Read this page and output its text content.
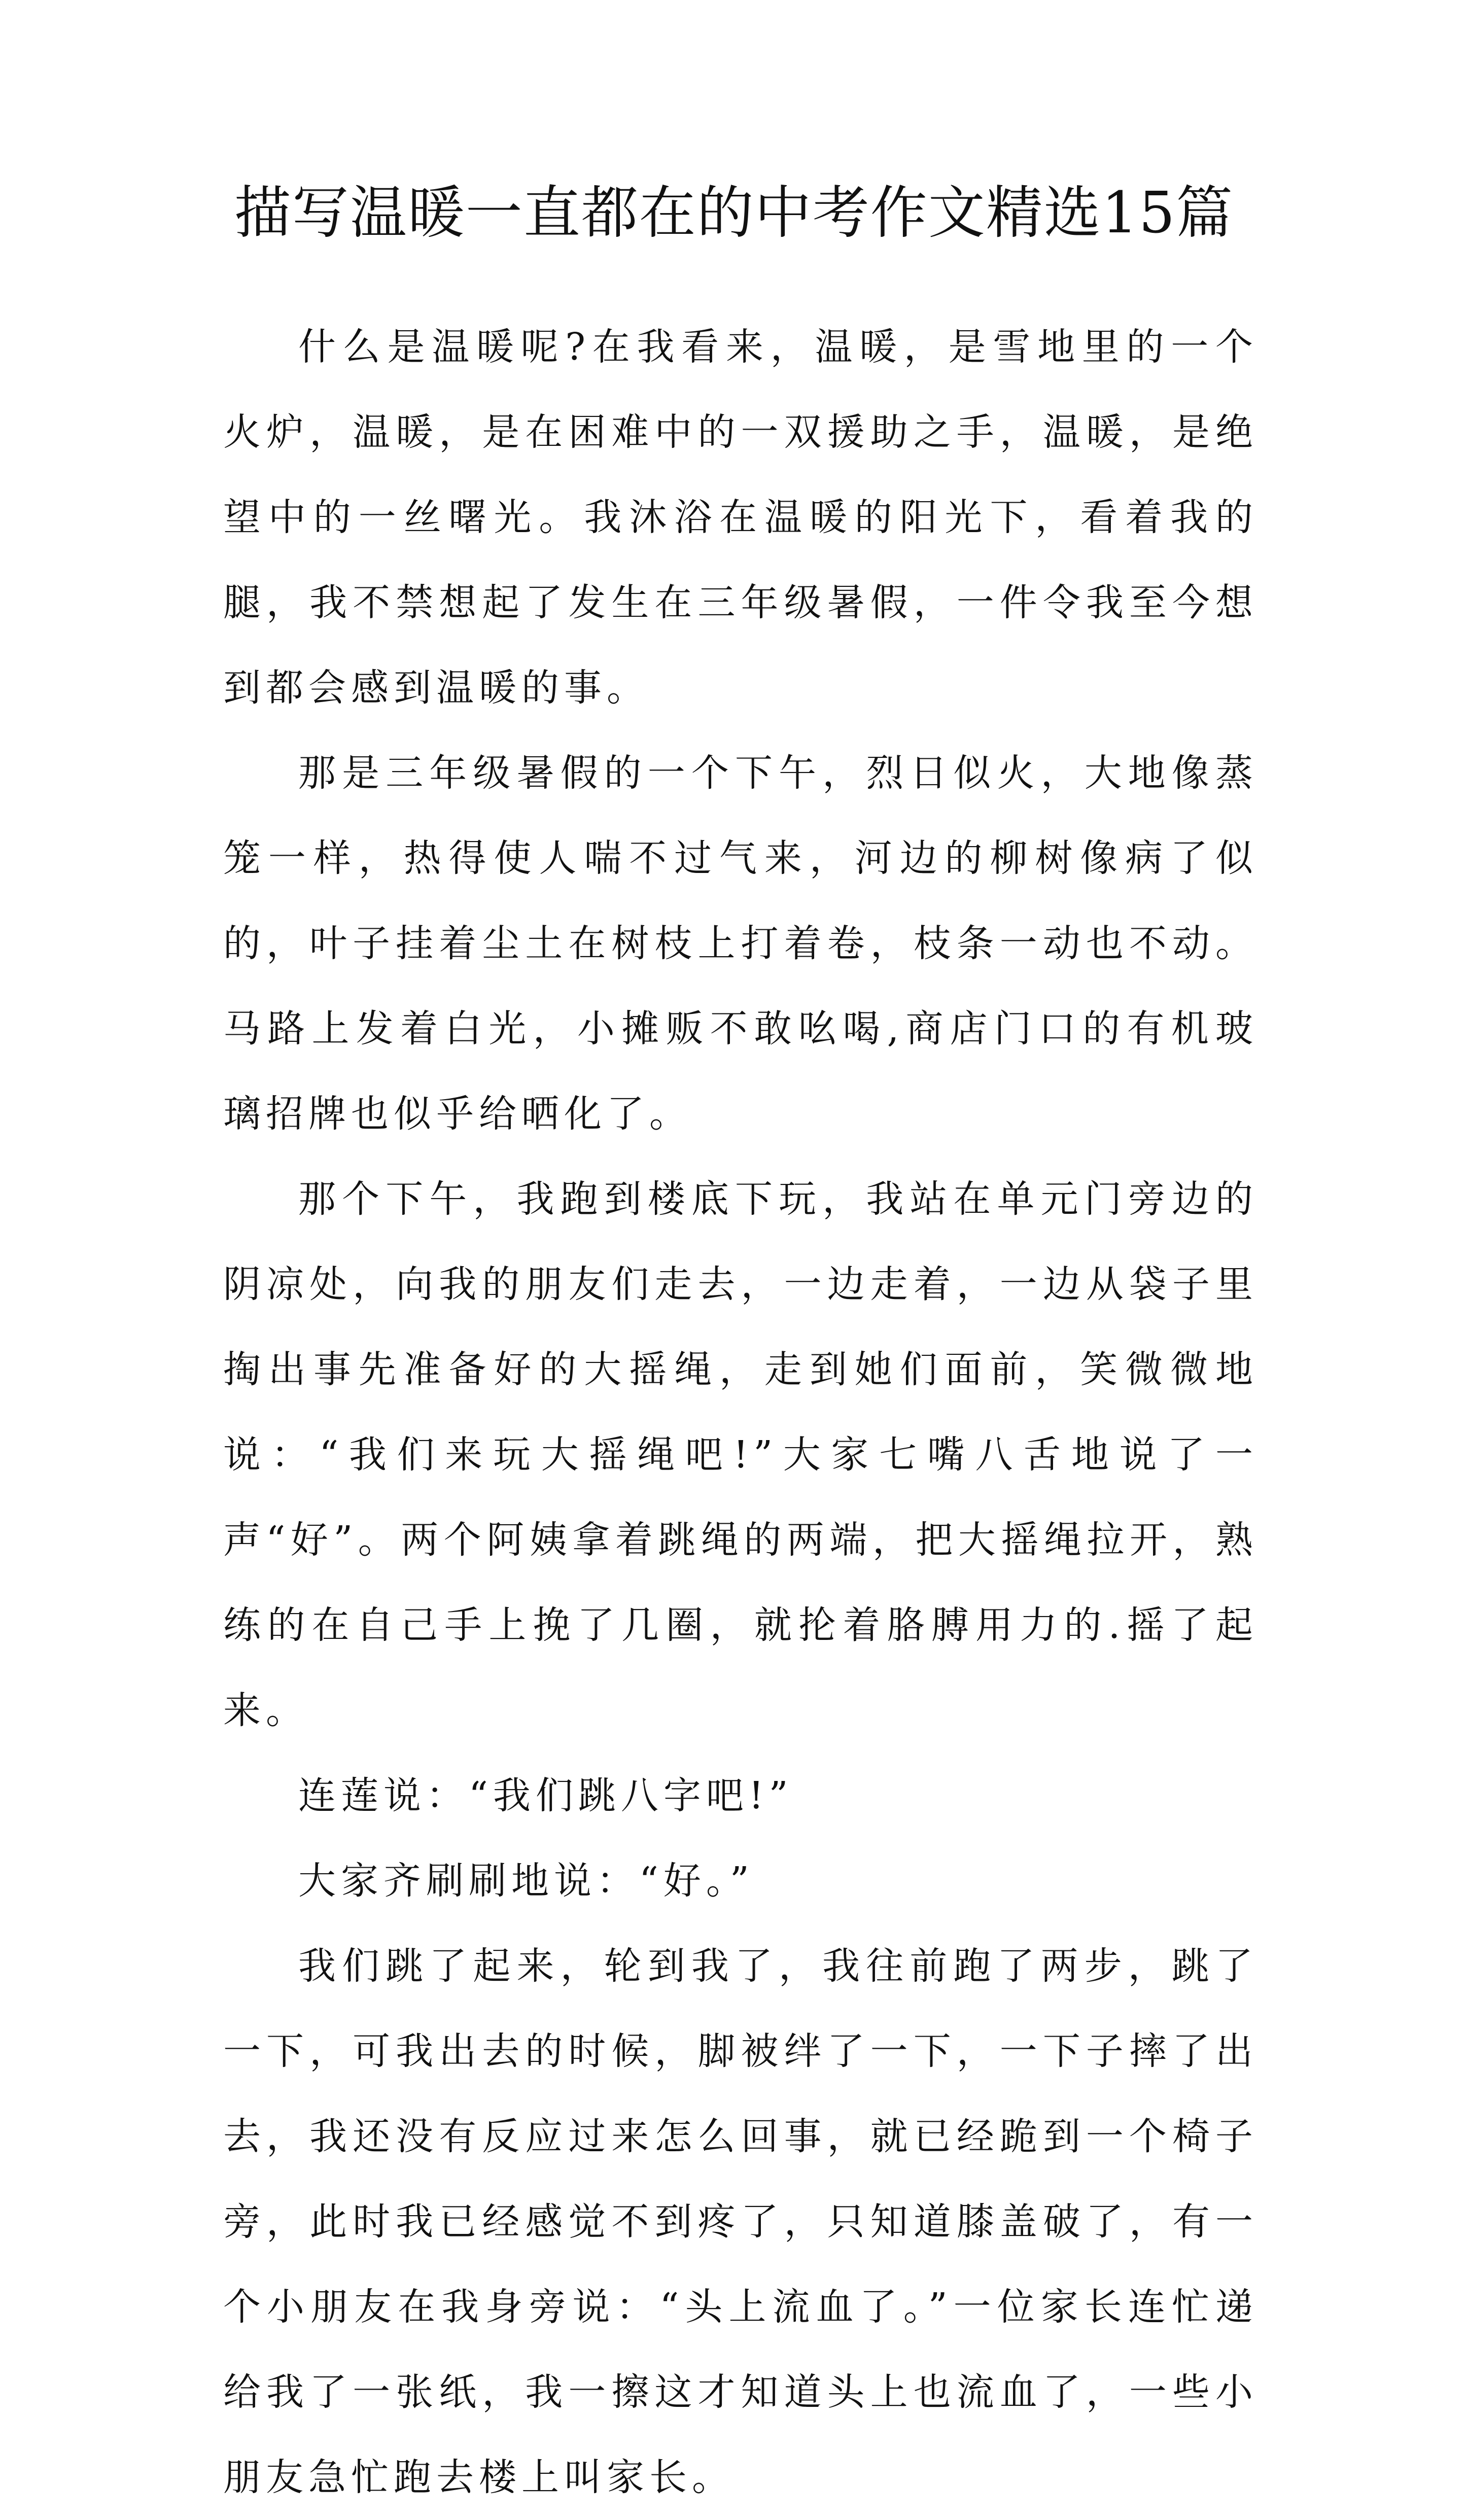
描写温暖一直都在的中考作文精选15篇

什么是温暖呢?在我看来，温暖，是雪地里的一个火炉，温暖，是在困难中的一双援助之手，温暖，是绝望中的一丝曙光。我沐浴在温暖的阳光下，看着我的腿，我不禁想起了发生在三年级暑假，一件令我至今想到都会感到温暖的事。

那是三年级暑假的一个下午，烈日似火，大地像蒸笼一样，热得使人喘不过气来，河边的柳树像病了似的，叶子挂着尘土在树枝上打着卷，枝条一动也不动。马路上发着白光，小摊贩不敢吆喝,商店门口的有机玻璃招牌也似乎给晒化了。

那个下午，我跑到楼底下玩，我站在单元门旁边的阴凉处，向我的朋友们走去，一边走着，一边从袋子里掏出事先准备好的大摇绳，走到她们面前，笑微微地说：“我们来玩大摇绳吧!”大家七嘴八舌地说了一声“好”。两个阿姨拿着跳绳的两端，把大摇绳拉开，熟练的在自己手上挽了几圈，就抡着胳膊用力的.摇了起来。

连莲说：“我们跳八字吧!”

大家齐刷刷地说：“好。”

我们跳了起来，轮到我了，我往前跑了两步，跳了一下，可我出去的时候，脚被绊了一下，一下子摔了出去，我还没有反应过来怎么回事，就已经跪到一个椅子旁，此时我已经感觉不到疼了，只知道膝盖破了，有一个小朋友在我身旁说：“头上流血了。”一位家长连忙递给我了一张纸，我一擦这才知道头上也流血了，一些小朋友急忙跑去楼上叫家长。
